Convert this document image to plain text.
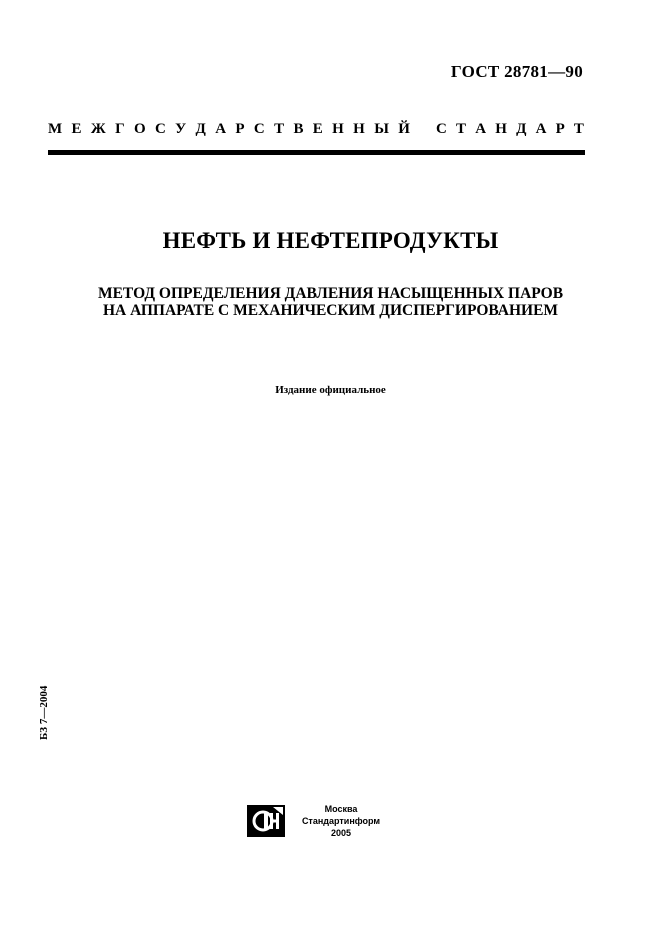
ГОСТ 28781—90
М Е Ж Г О С У Д А Р С Т В Е Н Н Ы Й С Т А Н Д А Р Т
НЕФТЬ И НЕФТЕПРОДУКТЫ
МЕТОД ОПРЕДЕЛЕНИЯ ДАВЛЕНИЯ НАСЫЩЕННЫХ ПАРОВ
НА АППАРАТЕ С МЕХАНИЧЕСКИМ ДИСПЕРГИРОВАНИЕМ
Издание официальное
БЗ 7—2004
Москва
Стандартинформ
2005
